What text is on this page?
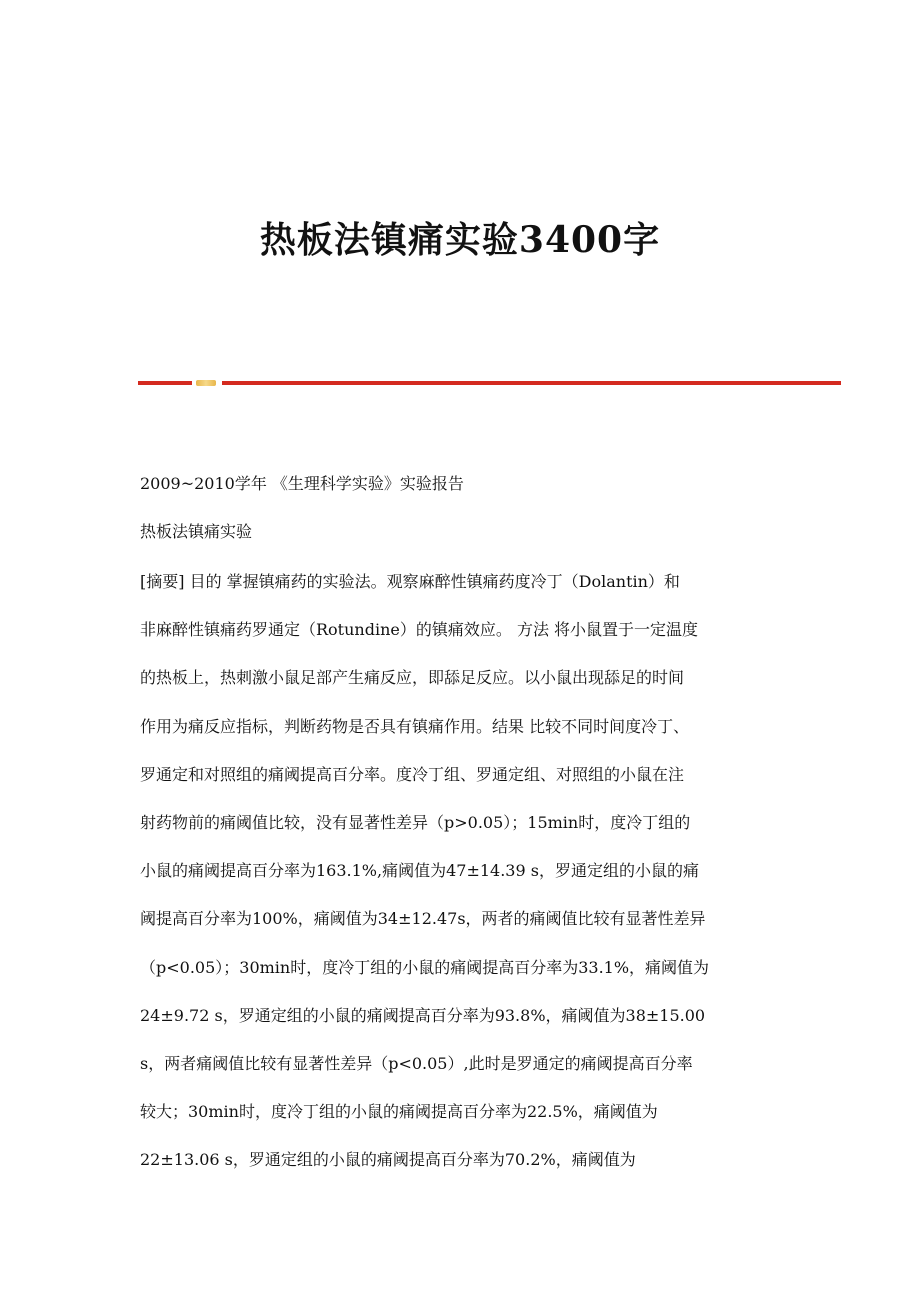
热板法镇痛实验3400字
2009~2010学年 《生理科学实验》实验报告
热板法镇痛实验
[摘要] 目的 掌握镇痛药的实验法。观察麻醉性镇痛药度冷丁（Dolantin）和
非麻醉性镇痛药罗通定（Rotundine）的镇痛效应。 方法 将小鼠置于一定温度
的热板上，热刺激小鼠足部产生痛反应，即舔足反应。以小鼠出现舔足的时间
作用为痛反应指标，判断药物是否具有镇痛作用。结果 比较不同时间度冷丁、
罗通定和对照组的痛阈提高百分率。度冷丁组、罗通定组、对照组的小鼠在注
射药物前的痛阈值比较，没有显著性差异（p>0.05）；15min时，度冷丁组的
小鼠的痛阈提高百分率为163.1%,痛阈值为47±14.39 s，罗通定组的小鼠的痛
阈提高百分率为100%，痛阈值为34±12.47s，两者的痛阈值比较有显著性差异
（p<0.05）；30min时，度冷丁组的小鼠的痛阈提高百分率为33.1%，痛阈值为
24±9.72 s，罗通定组的小鼠的痛阈提高百分率为93.8%，痛阈值为38±15.00
s，两者痛阈值比较有显著性差异（p<0.05）,此时是罗通定的痛阈提高百分率
较大；30min时，度冷丁组的小鼠的痛阈提高百分率为22.5%，痛阈值为
22±13.06 s，罗通定组的小鼠的痛阈提高百分率为70.2%，痛阈值为
